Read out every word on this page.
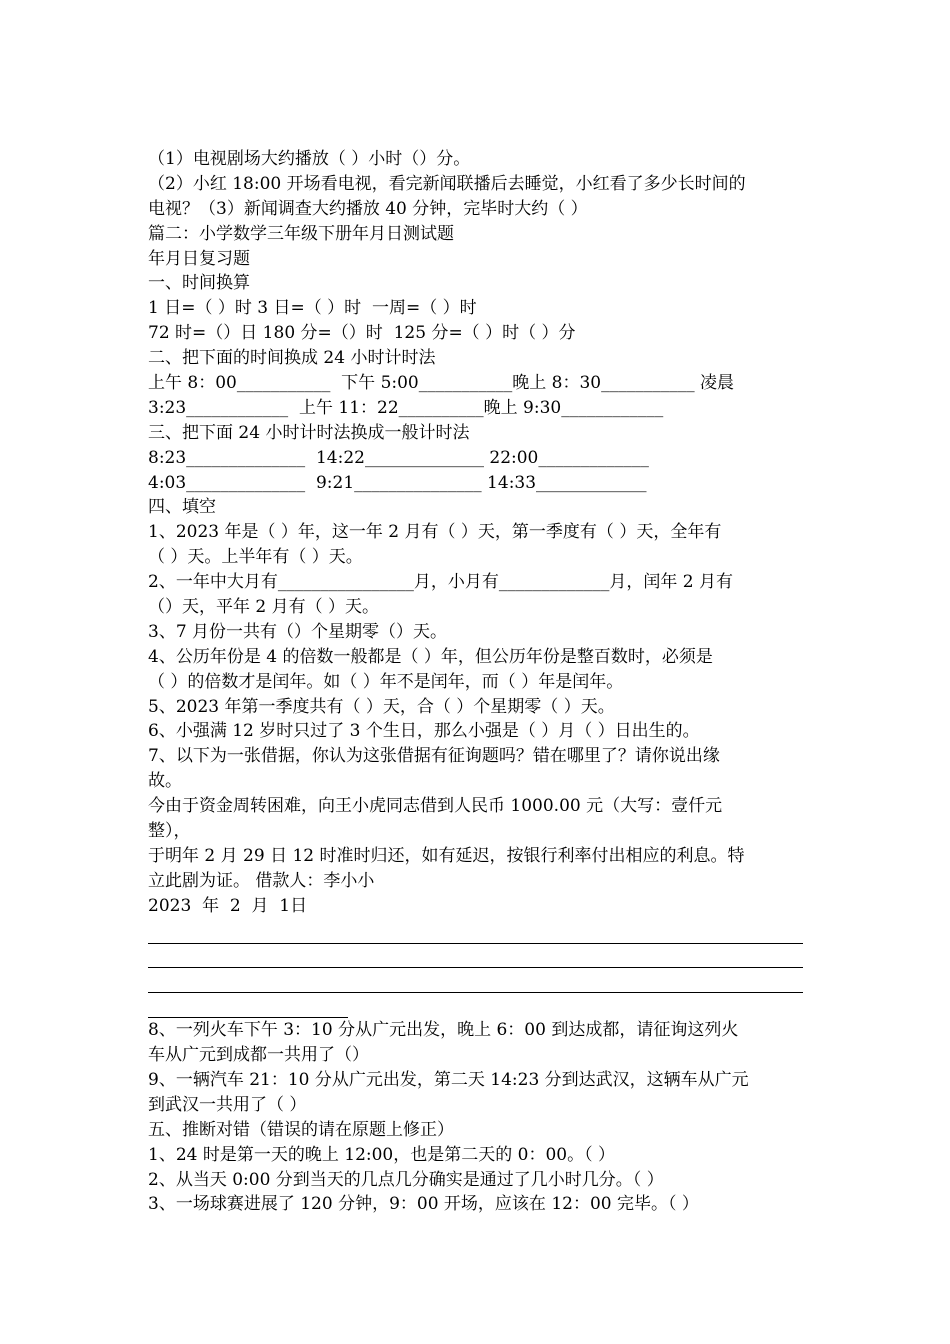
（1）电视剧场大约播放（ ）小时（）分。
（2）小红 18:00 开场看电视，看完新闻联播后去睡觉，小红看了多少长时间的
电视？（3）新闻调查大约播放 40 分钟，完毕时大约（ ）
篇二：小学数学三年级下册年月日测试题
年月日复习题
一、时间换算
1 日=（ ）时 3 日=（ ）时  一周=（ ）时
72 时=（）日 180 分=（）时  125 分=（ ）时（ ）分
二、把下面的时间换成 24 小时计时法
上午 8：00___________  下午 5:00___________晚上 8：30___________ 凌晨
3:23____________  上午 11：22__________晚上 9:30____________
三、把下面 24 小时计时法换成一般计时法
8:23______________  14:22______________ 22:00_____________
4:03______________  9:21_______________ 14:33_____________
四、填空
1、2023 年是（ ）年，这一年 2 月有（ ）天，第一季度有（ ）天，全年有
（ ）天。上半年有（ ）天。
2、一年中大月有________________月，小月有_____________月，闰年 2 月有
（）天，平年 2 月有（ ）天。
3、7 月份一共有（）个星期零（）天。
4、公历年份是 4 的倍数一般都是（ ）年，但公历年份是整百数时，必须是
（ ）的倍数才是闰年。如（ ）年不是闰年，而（ ）年是闰年。
5、2023 年第一季度共有（ ）天，合（ ）个星期零（ ）天。
6、小强满 12 岁时只过了 3 个生日，那么小强是（ ）月（ ）日出生的。
7、以下为一张借据，你认为这张借据有征询题吗？错在哪里了？请你说出缘
故。
今由于资金周转困难，向王小虎同志借到人民币 1000.00 元（大写：壹仟元
整），
于明年 2 月 29 日 12 时准时归还，如有延迟，按银行利率付出相应的利息。特
立此剧为证。 借款人：李小小
2023  年  2  月  1日
8、一列火车下午 3：10 分从广元出发，晚上 6：00 到达成都，请征询这列火
车从广元到成都一共用了（）
9、一辆汽车 21：10 分从广元出发，第二天 14:23 分到达武汉，这辆车从广元
到武汉一共用了（ ）
五、推断对错（错误的请在原题上修正）
1、24 时是第一天的晚上 12:00，也是第二天的 0：00。（ ）
2、从当天 0:00 分到当天的几点几分确实是通过了几小时几分。（ ）
3、一场球赛进展了 120 分钟，9：00 开场，应该在 12：00 完毕。（ ）
